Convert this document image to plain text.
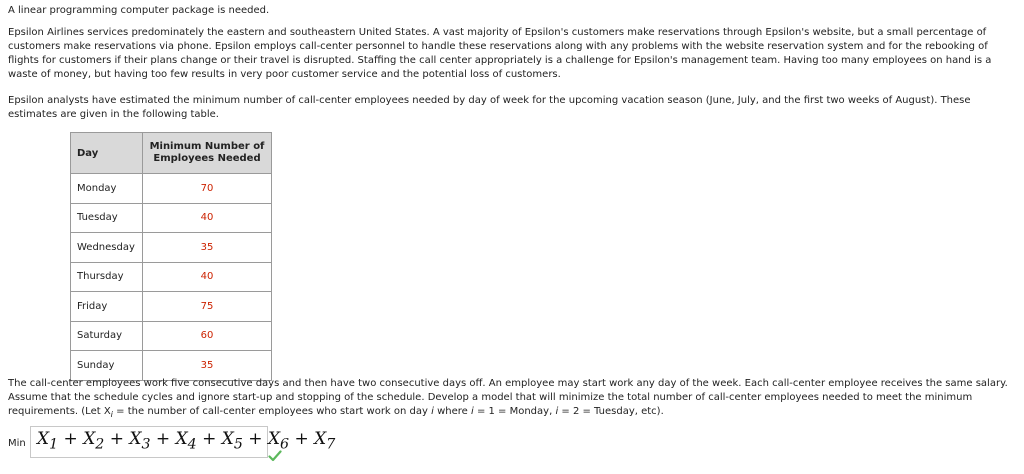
A linear programming computer package is needed.

Epsilon Airlines services predominately the eastern and southeastern United States. A vast majority of Epsilon's customers make reservations through Epsilon's website, but a small percentage of customers make reservations via phone. Epsilon employs call-center personnel to handle these reservations along with any problems with the website reservation system and for the rebooking of flights for customers if their plans change or their travel is disrupted. Staffing the call center appropriately is a challenge for Epsilon's management team. Having too many employees on hand is a waste of money, but having too few results in very poor customer service and the potential loss of customers.

Epsilon analysts have estimated the minimum number of call-center employees needed by day of week for the upcoming vacation season (June, July, and the first two weeks of August). These estimates are given in the following table.

Day	Minimum Number of Employees Needed
Monday	70
Tuesday	40
Wednesday	35
Thursday	40
Friday	75
Saturday	60
Sunday	35

The call-center employees work five consecutive days and then have two consecutive days off. An employee may start work any day of the week. Each call-center employee receives the same salary.
Assume that the schedule cycles and ignore start-up and stopping of the schedule. Develop a model that will minimize the total number of call-center employees needed to meet the minimum
requirements. (Let $X_i$ = the number of call-center employees who start work on day i where i = 1 = Monday, i = 2 = Tuesday, etc).

Min $X_1 + X_2 + X_3 + X_4 + X_5 + X_6 + X_7$
